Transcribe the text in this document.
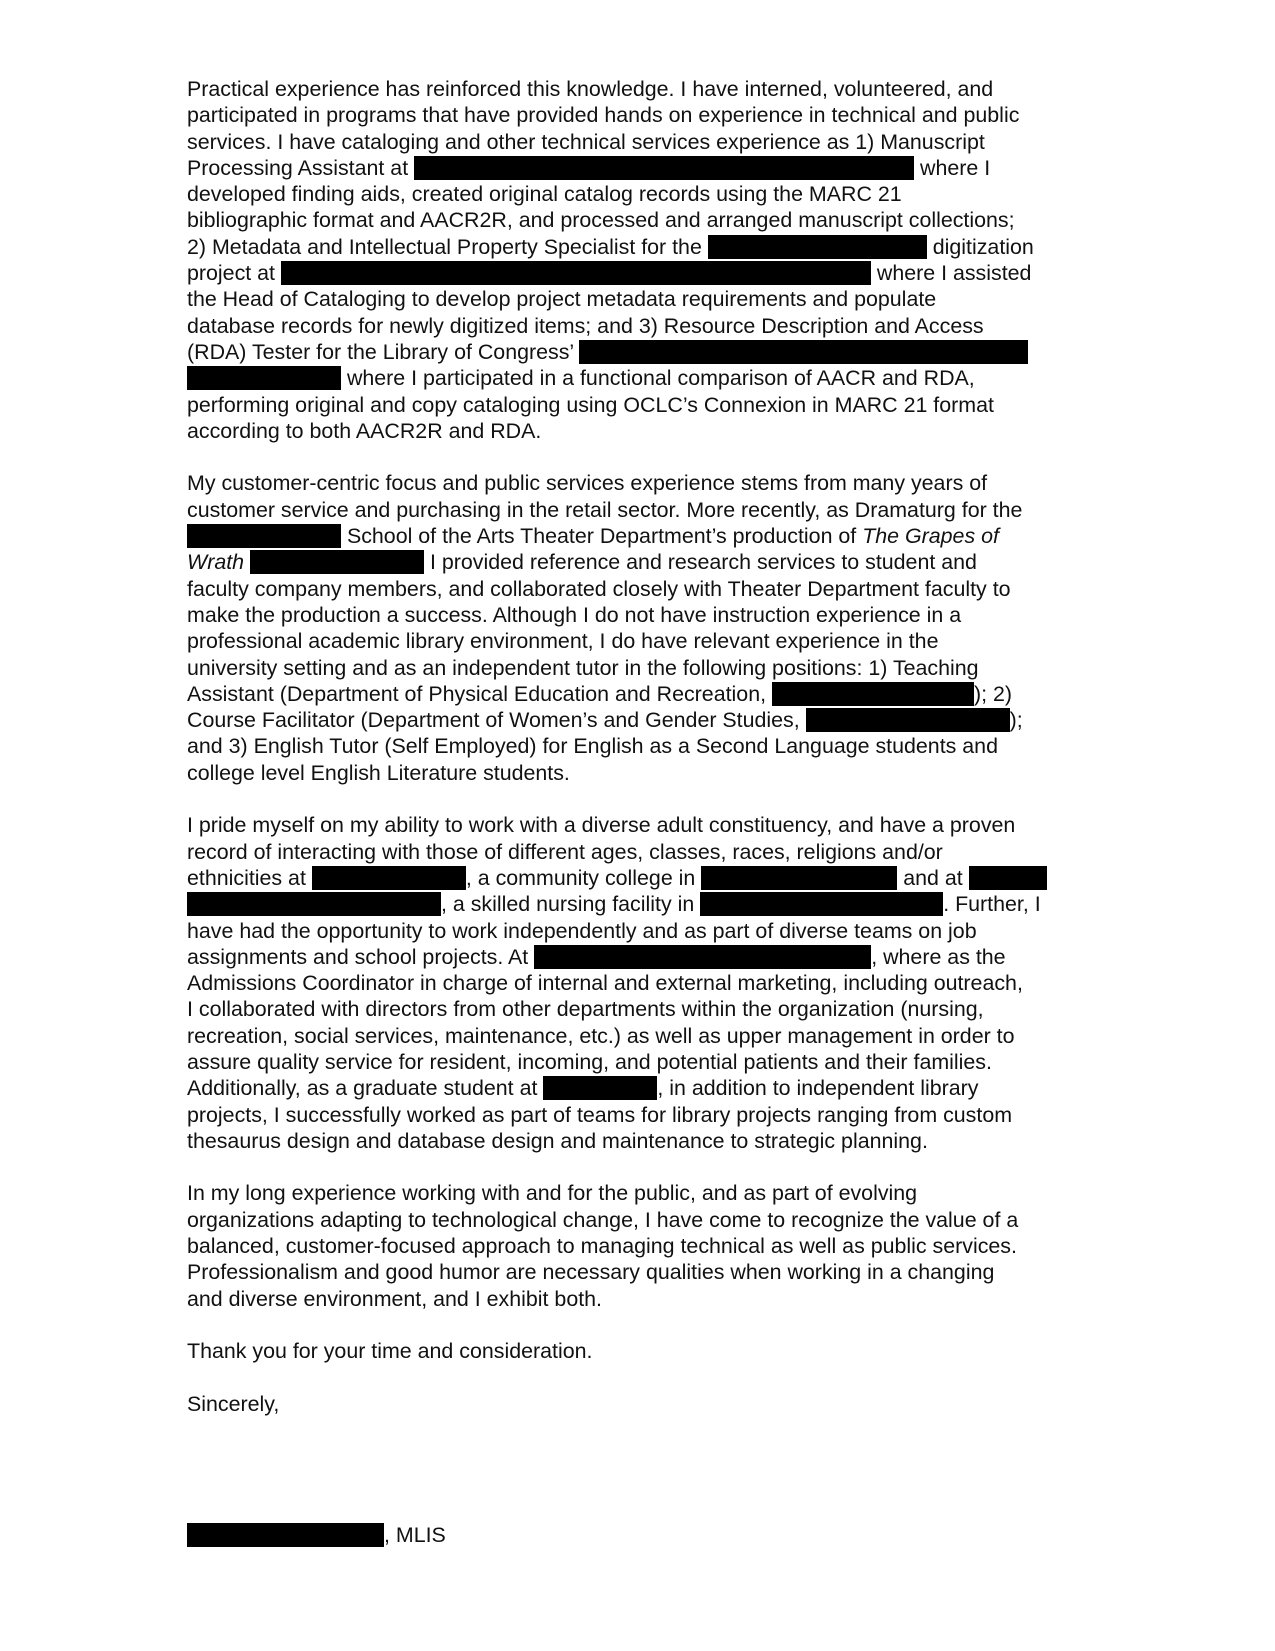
Practical experience has reinforced this knowledge. I have interned, volunteered, and
participated in programs that have provided hands on experience in technical and public
services. I have cataloging and other technical services experience as 1) Manuscript
Processing Assistant at	where I
developed finding aids, created original catalog records using the MARC 21
bibliographic format and AACR2R, and processed and arranged manuscript collections;
2) Metadata and Intellectual Property Specialist for the	digitization
project at	where I assisted
the Head of Cataloging to develop project metadata requirements and populate
database records for newly digitized items; and 3) Resource Description and Access
(RDA) Tester for the Library of Congress’
where I participated in a functional comparison of AACR and RDA,
performing original and copy cataloging using OCLC’s Connexion in MARC 21 format
according to both AACR2R and RDA.
My customer-centric focus and public services experience stems from many years of
customer service and purchasing in the retail sector. More recently, as Dramaturg for the
School of the Arts Theater Department’s production of The Grapes of
Wrath	I provided reference and research services to student and
faculty company members, and collaborated closely with Theater Department faculty to
make the production a success. Although I do not have instruction experience in a
professional academic library environment, I do have relevant experience in the
university setting and as an independent tutor in the following positions: 1) Teaching
Assistant (Department of Physical Education and Recreation,	); 2)
Course Facilitator (Department of Women’s and Gender Studies,	);
and 3) English Tutor (Self Employed) for English as a Second Language students and
college level English Literature students.
I pride myself on my ability to work with a diverse adult constituency, and have a proven
record of interacting with those of different ages, classes, races, religions and/or
ethnicities at	, a community college in	and at
, a skilled nursing facility in	. Further, I
have had the opportunity to work independently and as part of diverse teams on job
assignments and school projects. At	, where as the
Admissions Coordinator in charge of internal and external marketing, including outreach,
I collaborated with directors from other departments within the organization (nursing,
recreation, social services, maintenance, etc.) as well as upper management in order to
assure quality service for resident, incoming, and potential patients and their families.
Additionally, as a graduate student at	, in addition to independent library
projects, I successfully worked as part of teams for library projects ranging from custom
thesaurus design and database design and maintenance to strategic planning.
In my long experience working with and for the public, and as part of evolving
organizations adapting to technological change, I have come to recognize the value of a
balanced, customer-focused approach to managing technical as well as public services.
Professionalism and good humor are necessary qualities when working in a changing
and diverse environment, and I exhibit both.
Thank you for your time and consideration.
Sincerely,
, MLIS
